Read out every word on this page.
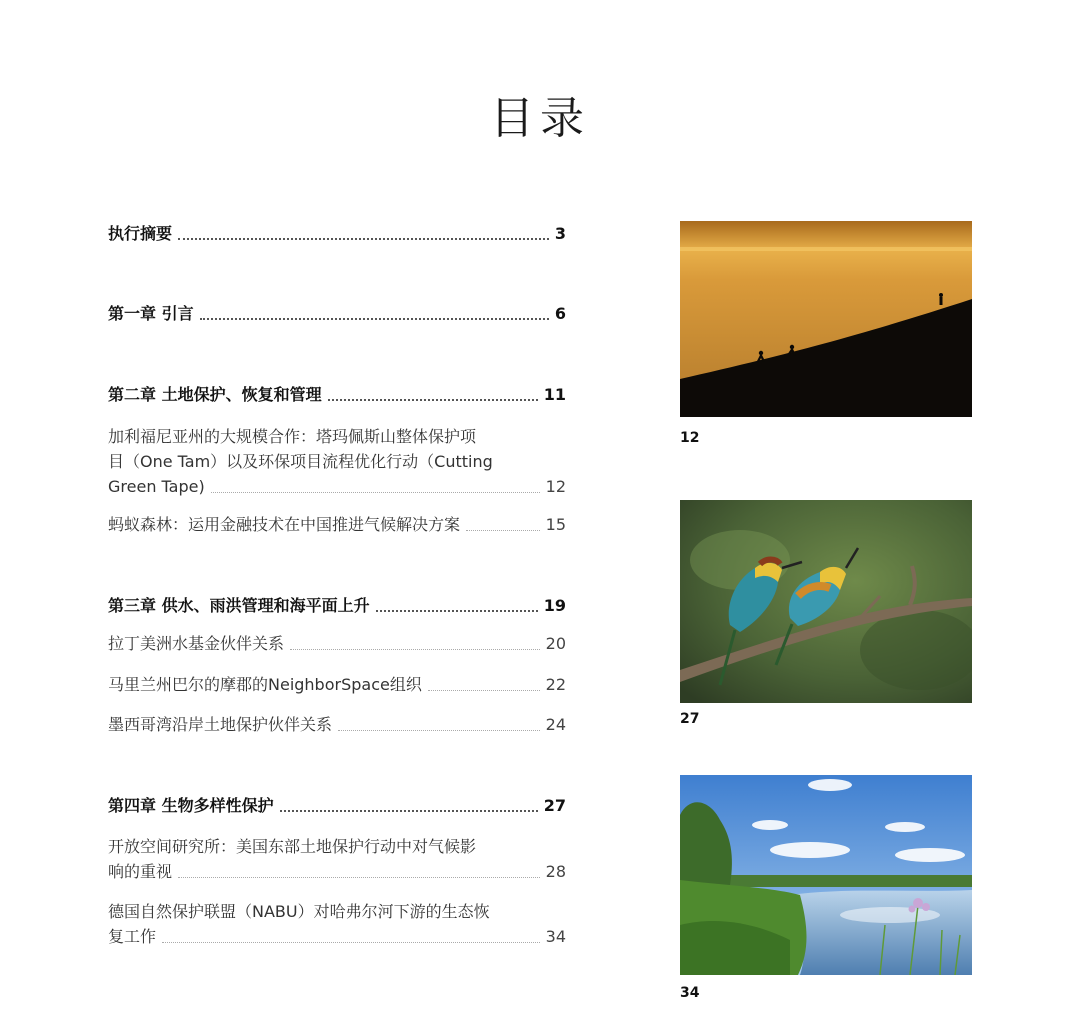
目录
执行摘要	3
第一章 引言	6
第二章 土地保护、恢复和管理	11
加利福尼亚州的大规模合作：塔玛佩斯山整体保护项
目（One Tam）以及环保项目流程优化行动（Cutting
Green Tape)	12
蚂蚁森林：运用金融技术在中国推进气候解决方案	15
第三章 供水、雨洪管理和海平面上升	19
拉丁美洲水基金伙伴关系	20
马里兰州巴尔的摩郡的NeighborSpace组织	22
墨西哥湾沿岸土地保护伙伴关系	24
第四章 生物多样性保护	27
开放空间研究所：美国东部土地保护行动中对气候影
响的重视	28
德国自然保护联盟（NABU）对哈弗尔河下游的生态恢
复工作	34
12
27
34
